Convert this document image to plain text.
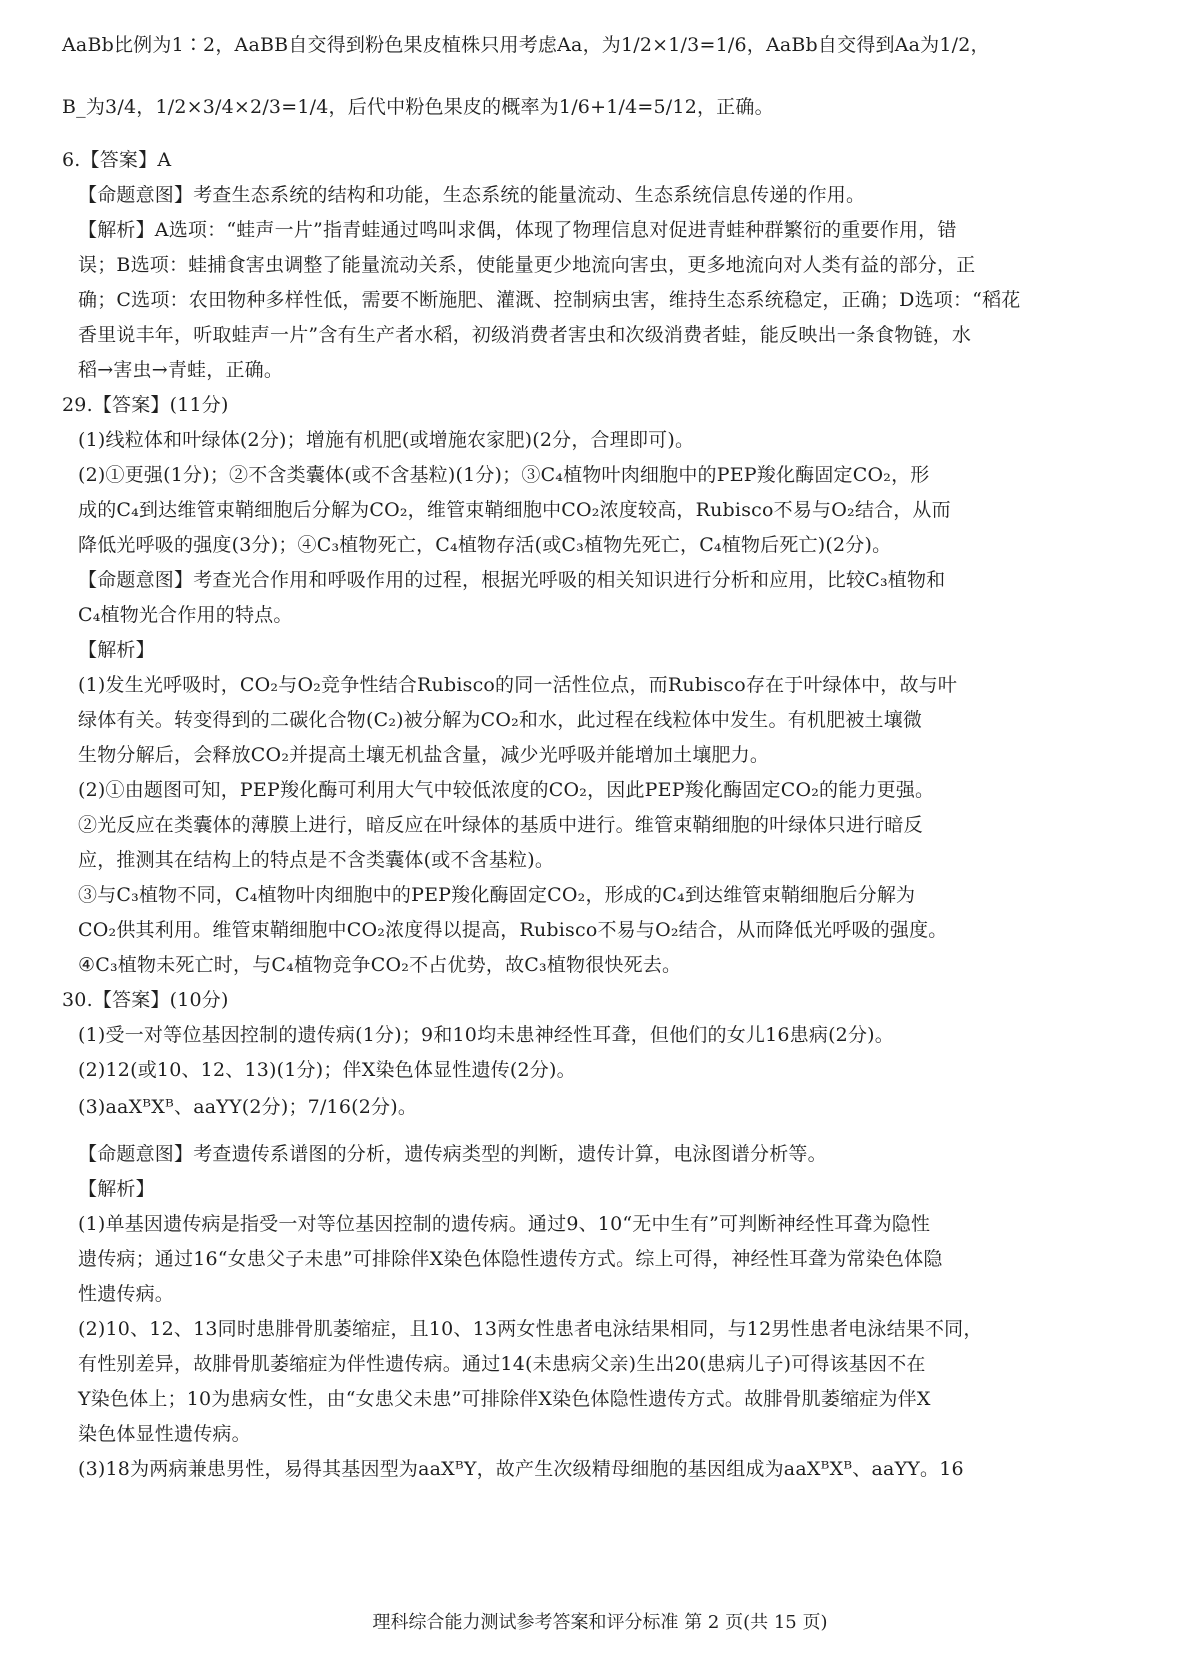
AaBb比例为1∶2，AaBB自交得到粉色果皮植株只用考虑Aa，为1/2×1/3=1/6，AaBb自交得到Aa为1/2，
B_为3/4，1/2×3/4×2/3=1/4，后代中粉色果皮的概率为1/6+1/4=5/12，正确。
6.【答案】A
【命题意图】考查生态系统的结构和功能，生态系统的能量流动、生态系统信息传递的作用。
【解析】A选项：“蛙声一片”指青蛙通过鸣叫求偶，体现了物理信息对促进青蛙种群繁衍的重要作用，错
误；B选项：蛙捕食害虫调整了能量流动关系，使能量更少地流向害虫，更多地流向对人类有益的部分，正
确；C选项：农田物种多样性低，需要不断施肥、灌溉、控制病虫害，维持生态系统稳定，正确；D选项：“稻花
香里说丰年，听取蛙声一片”含有生产者水稻，初级消费者害虫和次级消费者蛙，能反映出一条食物链，水
稻→害虫→青蛙，正确。
29.【答案】(11分)
(1)线粒体和叶绿体(2分)；增施有机肥(或增施农家肥)(2分，合理即可)。
(2)①更强(1分)；②不含类囊体(或不含基粒)(1分)；③C₄植物叶肉细胞中的PEP羧化酶固定CO₂，形
成的C₄到达维管束鞘细胞后分解为CO₂，维管束鞘细胞中CO₂浓度较高，Rubisco不易与O₂结合，从而
降低光呼吸的强度(3分)；④C₃植物死亡，C₄植物存活(或C₃植物先死亡，C₄植物后死亡)(2分)。
【命题意图】考查光合作用和呼吸作用的过程，根据光呼吸的相关知识进行分析和应用，比较C₃植物和
C₄植物光合作用的特点。
【解析】
(1)发生光呼吸时，CO₂与O₂竞争性结合Rubisco的同一活性位点，而Rubisco存在于叶绿体中，故与叶
绿体有关。转变得到的二碳化合物(C₂)被分解为CO₂和水，此过程在线粒体中发生。有机肥被土壤微
生物分解后，会释放CO₂并提高土壤无机盐含量，减少光呼吸并能增加土壤肥力。
(2)①由题图可知，PEP羧化酶可利用大气中较低浓度的CO₂，因此PEP羧化酶固定CO₂的能力更强。
②光反应在类囊体的薄膜上进行，暗反应在叶绿体的基质中进行。维管束鞘细胞的叶绿体只进行暗反
应，推测其在结构上的特点是不含类囊体(或不含基粒)。
③与C₃植物不同，C₄植物叶肉细胞中的PEP羧化酶固定CO₂，形成的C₄到达维管束鞘细胞后分解为
CO₂供其利用。维管束鞘细胞中CO₂浓度得以提高，Rubisco不易与O₂结合，从而降低光呼吸的强度。
④C₃植物未死亡时，与C₄植物竞争CO₂不占优势，故C₃植物很快死去。
30.【答案】(10分)
(1)受一对等位基因控制的遗传病(1分)；9和10均未患神经性耳聋，但他们的女儿16患病(2分)。
(2)12(或10、12、13)(1分)；伴X染色体显性遗传(2分)。
(3)aaXᴮXᴮ、aaYY(2分)；7/16(2分)。
【命题意图】考查遗传系谱图的分析，遗传病类型的判断，遗传计算，电泳图谱分析等。
【解析】
(1)单基因遗传病是指受一对等位基因控制的遗传病。通过9、10“无中生有”可判断神经性耳聋为隐性
遗传病；通过16“女患父子未患”可排除伴X染色体隐性遗传方式。综上可得，神经性耳聋为常染色体隐
性遗传病。
(2)10、12、13同时患腓骨肌萎缩症，且10、13两女性患者电泳结果相同，与12男性患者电泳结果不同，
有性别差异，故腓骨肌萎缩症为伴性遗传病。通过14(未患病父亲)生出20(患病儿子)可得该基因不在
Y染色体上；10为患病女性，由“女患父未患”可排除伴X染色体隐性遗传方式。故腓骨肌萎缩症为伴X
染色体显性遗传病。
(3)18为两病兼患男性，易得其基因型为aaXᴮY，故产生次级精母细胞的基因组成为aaXᴮXᴮ、aaYY。16
理科综合能力测试参考答案和评分标准 第 2 页(共 15 页)
